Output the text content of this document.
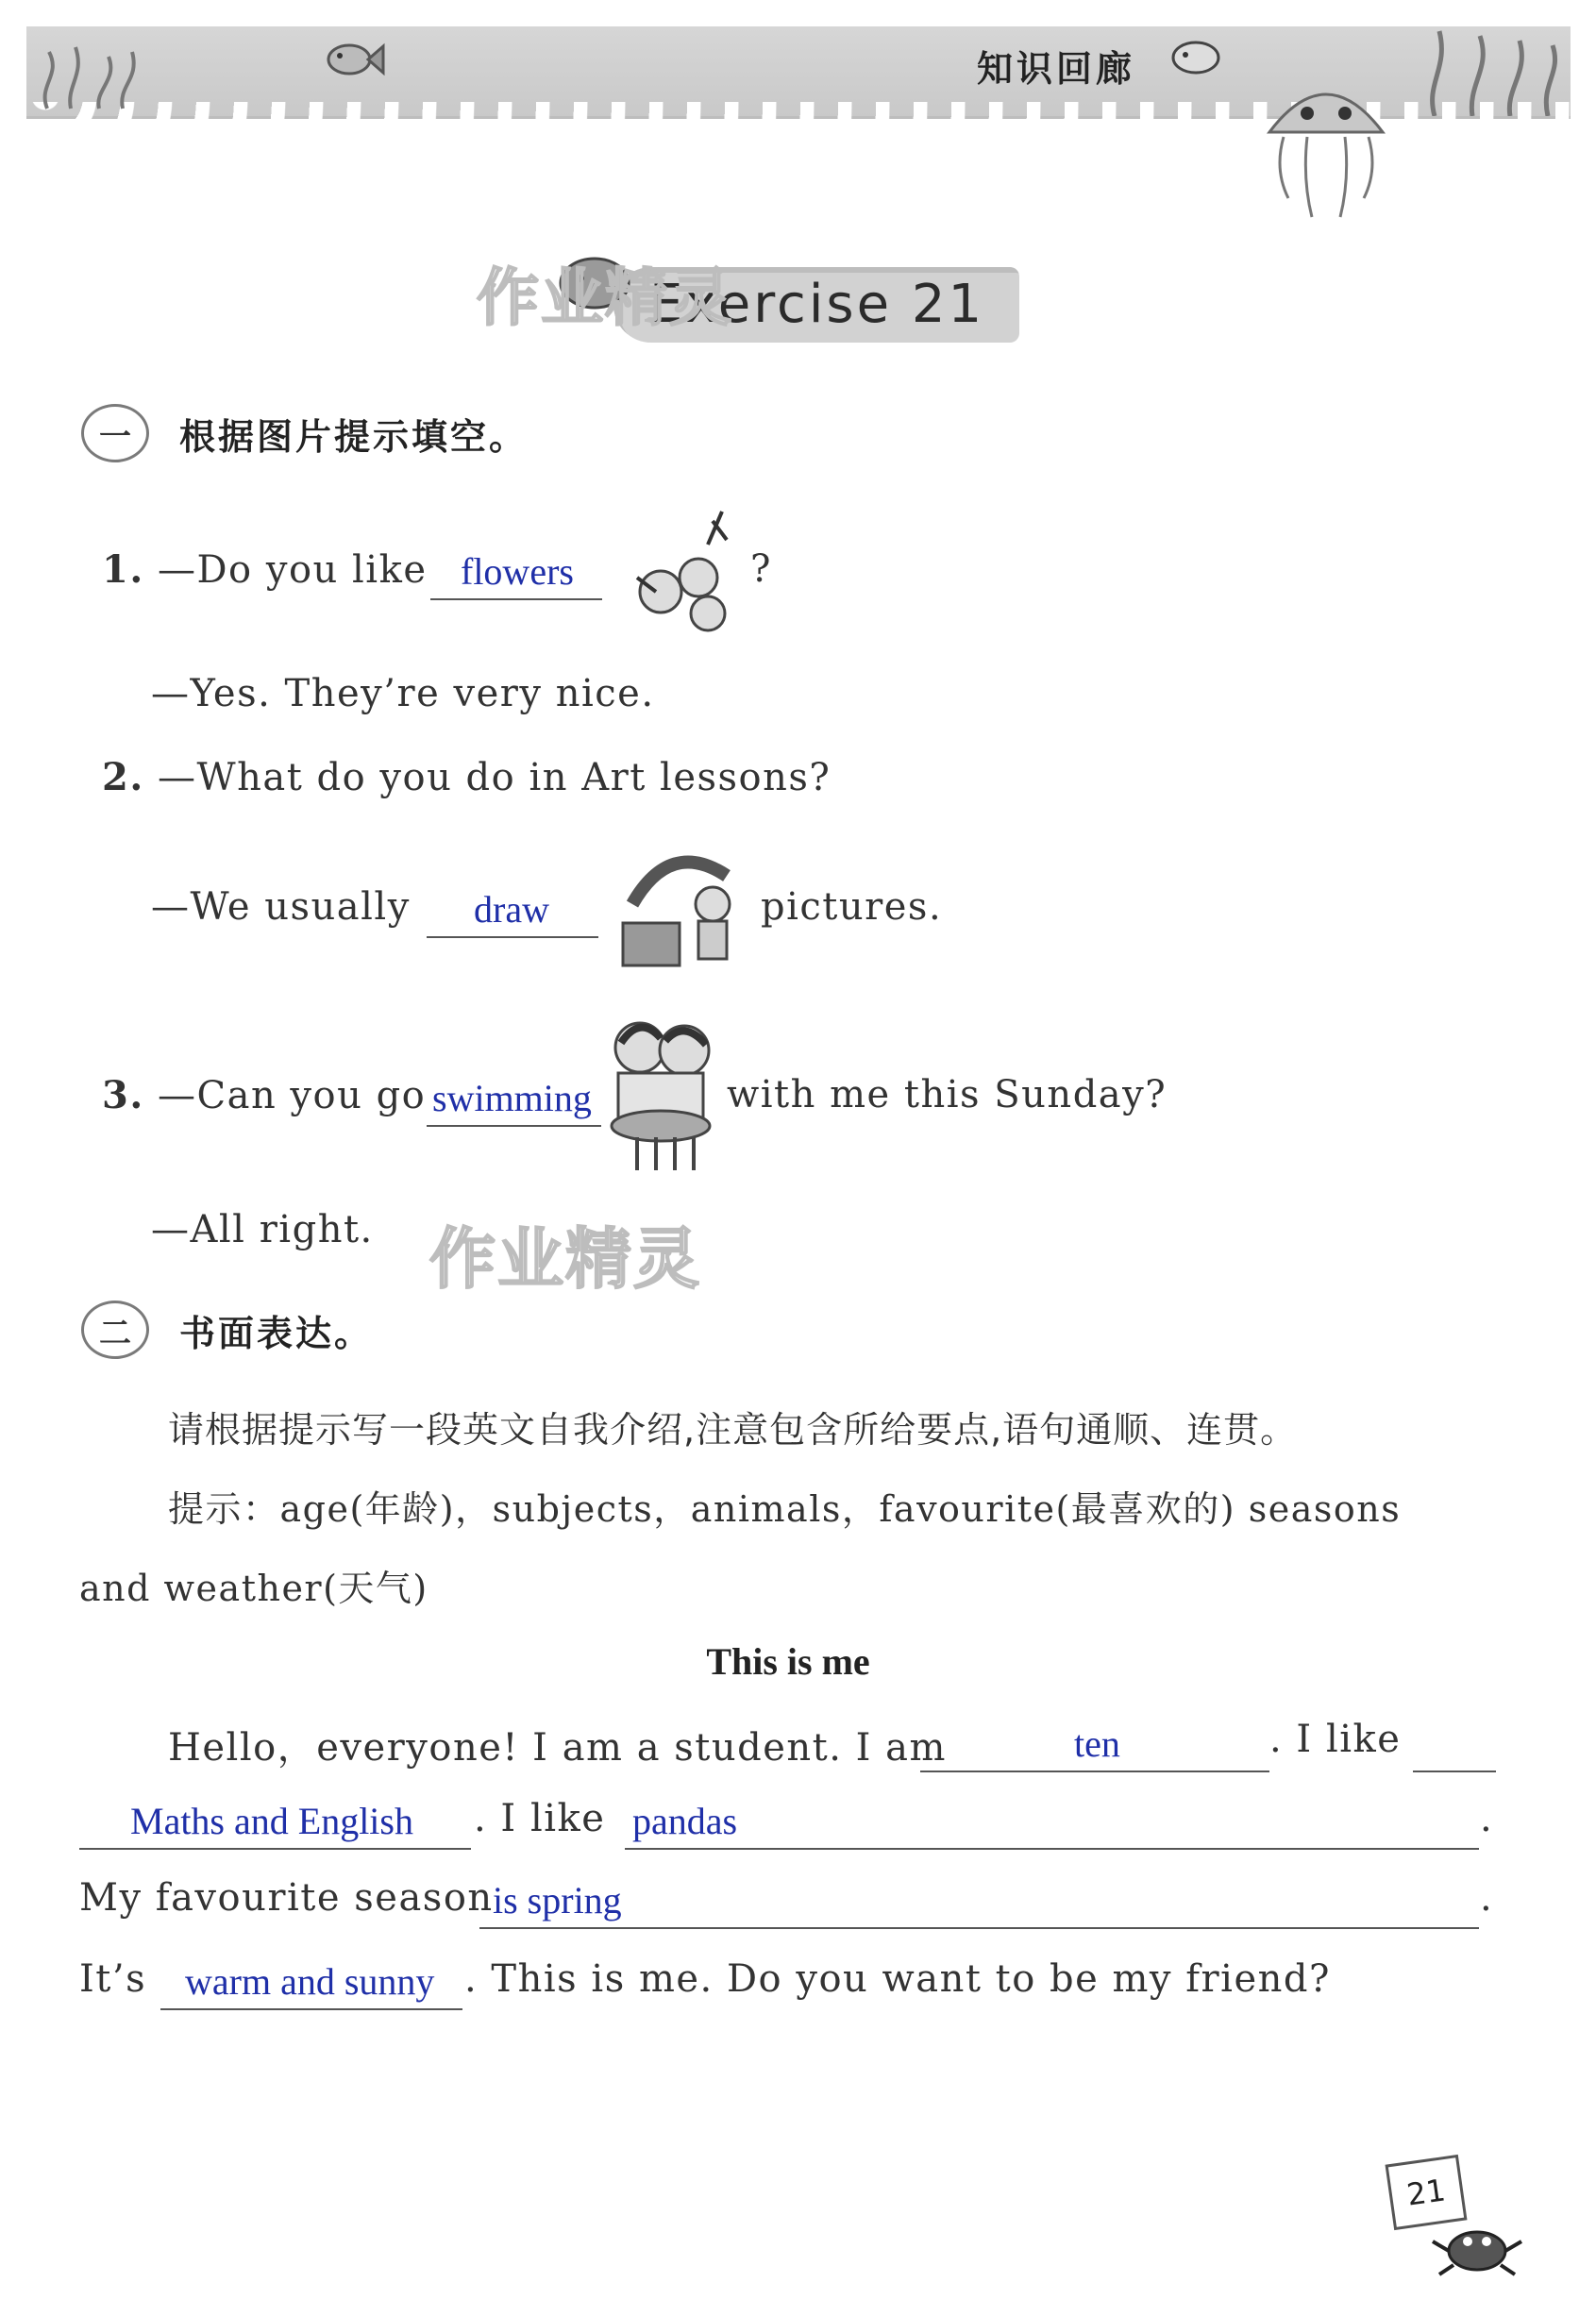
知识回廊
Exercise 21
作业精灵
一	根据图片提示填空。
1. —Do you like flowers	?
—Yes. They’re very nice.
2. —What do you do in Art lessons?
—We usually draw	pictures.
3. —Can you go swimming	with me this Sunday?
—All right. 作业精灵
二	书面表达。
请根据提示写一段英文自我介绍,注意包含所给要点,语句通顺、连贯。
提示：age(年龄)，subjects，animals，favourite(最喜欢的) seasons
and weather(天气)
This is me
Hello，everyone! I am a student. I am	ten	. I like
Maths and English . I like pandas	.
My favourite season is spring	.
It’s warm and sunny . This is me. Do you want to be my friend?
21
